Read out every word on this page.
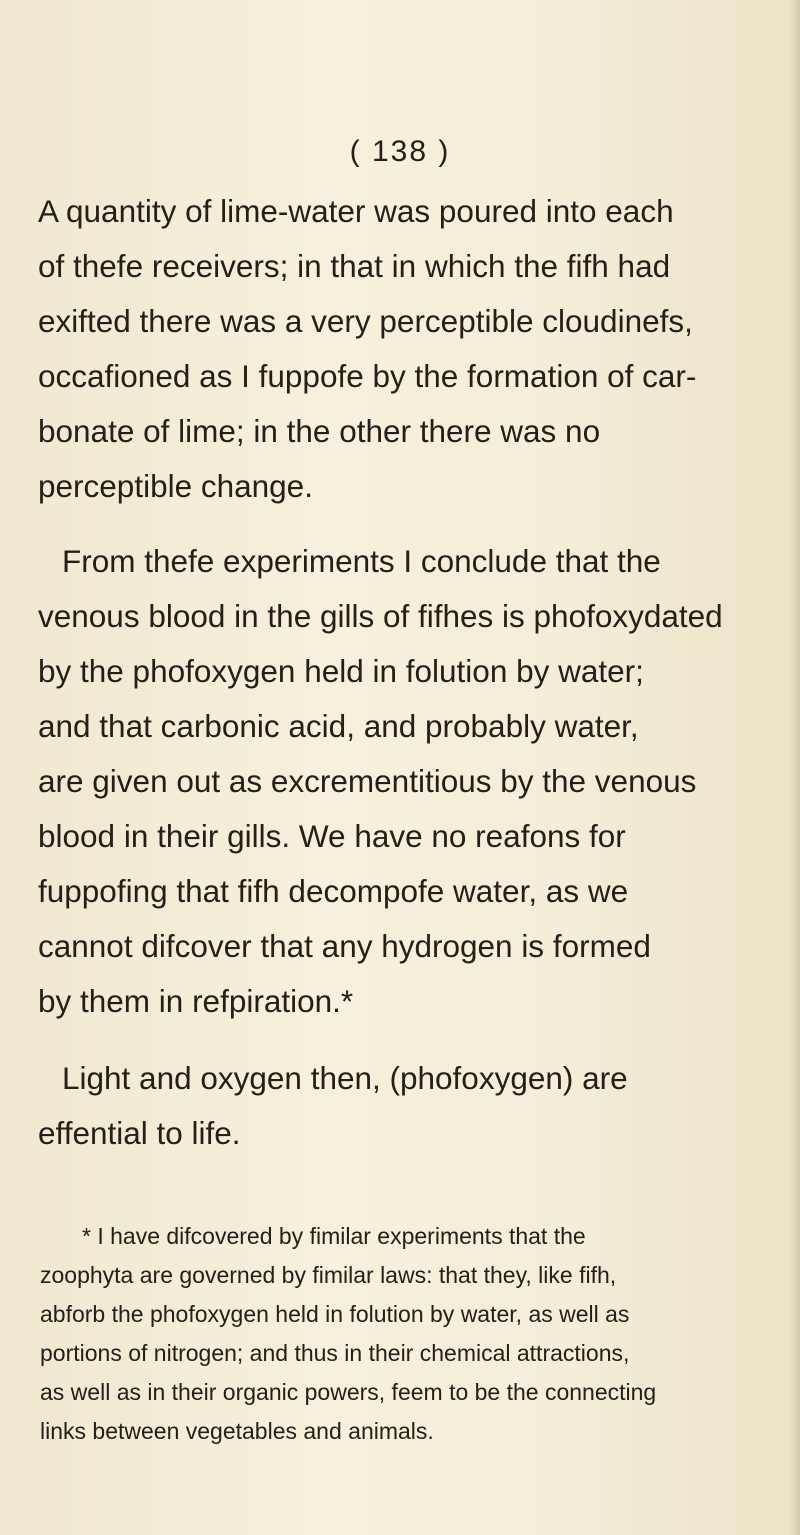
( 138 )
A quantity of lime-water was poured into each
of thefe receivers; in that in which the fifh had
exifted there was a very perceptible cloudinefs,
occafioned as I fuppofe by the formation of car-
bonate of lime; in the other there was no
perceptible change.
From thefe experiments I conclude that the
venous blood in the gills of fifhes is phofoxydated
by the phofoxygen held in folution by water;
and that carbonic acid, and probably water,
are given out as excrementitious by the venous
blood in their gills. We have no reafons for
fuppofing that fifh decompofe water, as we
cannot difcover that any hydrogen is formed
by them in refpiration.*
Light and oxygen then, (phofoxygen) are
effential to life.
* I have difcovered by fimilar experiments that the
zoophyta are governed by fimilar laws: that they, like fifh,
abforb the phofoxygen held in folution by water, as well as
portions of nitrogen; and thus in their chemical attractions,
as well as in their organic powers, feem to be the connecting
links between vegetables and animals.
